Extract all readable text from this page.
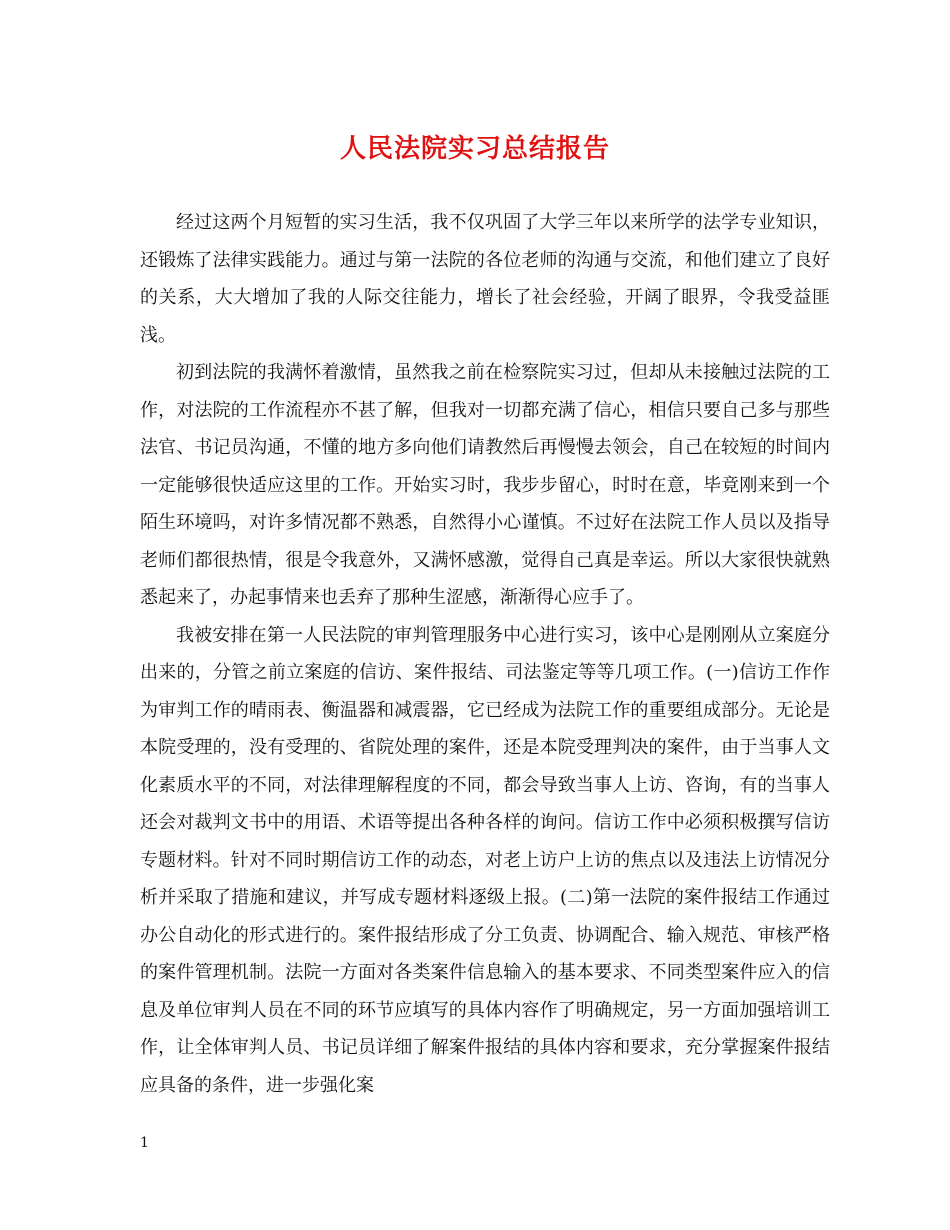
人民法院实习总结报告

经过这两个月短暂的实习生活，我不仅巩固了大学三年以来所学的法学专业知识，还锻炼了法律实践能力。通过与第一法院的各位老师的沟通与交流，和他们建立了良好的关系，大大增加了我的人际交往能力，增长了社会经验，开阔了眼界，令我受益匪浅。

初到法院的我满怀着激情，虽然我之前在检察院实习过，但却从未接触过法院的工作，对法院的工作流程亦不甚了解，但我对一切都充满了信心，相信只要自己多与那些法官、书记员沟通，不懂的地方多向他们请教然后再慢慢去领会，自己在较短的时间内一定能够很快适应这里的工作。开始实习时，我步步留心，时时在意，毕竟刚来到一个陌生环境吗，对许多情况都不熟悉，自然得小心谨慎。不过好在法院工作人员以及指导老师们都很热情，很是令我意外，又满怀感激，觉得自己真是幸运。所以大家很快就熟悉起来了，办起事情来也丢弃了那种生涩感，渐渐得心应手了。

我被安排在第一人民法院的审判管理服务中心进行实习，该中心是刚刚从立案庭分出来的，分管之前立案庭的信访、案件报结、司法鉴定等等几项工作。(一)信访工作作为审判工作的晴雨表、衡温器和减震器，它已经成为法院工作的重要组成部分。无论是本院受理的，没有受理的、省院处理的案件，还是本院受理判决的案件，由于当事人文化素质水平的不同，对法律理解程度的不同，都会导致当事人上访、咨询，有的当事人还会对裁判文书中的用语、术语等提出各种各样的询问。信访工作中必须积极撰写信访专题材料。针对不同时期信访工作的动态，对老上访户上访的焦点以及违法上访情况分析并采取了措施和建议，并写成专题材料逐级上报。(二)第一法院的案件报结工作通过办公自动化的形式进行的。案件报结形成了分工负责、协调配合、输入规范、审核严格的案件管理机制。法院一方面对各类案件信息输入的基本要求、不同类型案件应入的信息及单位审判人员在不同的环节应填写的具体内容作了明确规定，另一方面加强培训工作，让全体审判人员、书记员详细了解案件报结的具体内容和要求，充分掌握案件报结应具备的条件，进一步强化案

1
